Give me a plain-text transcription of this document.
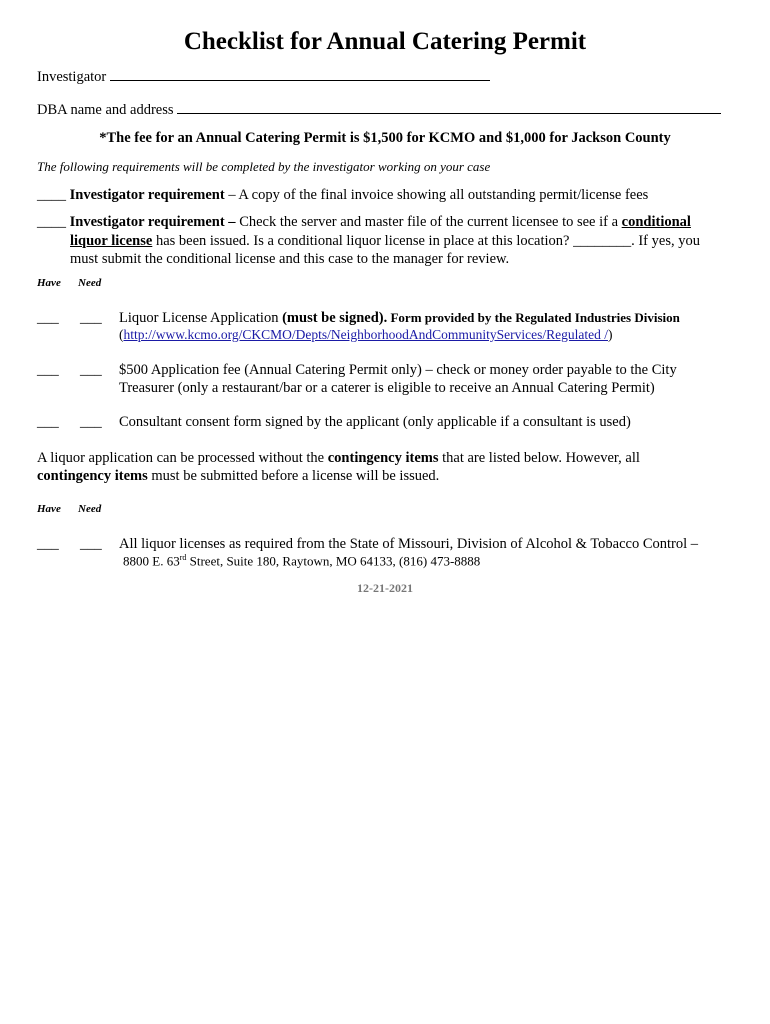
Checklist for Annual Catering Permit
Investigator
DBA name and address
*The fee for an Annual Catering Permit is $1,500 for KCMO and $1,000 for Jackson County
The following requirements will be completed by the investigator working on your case
____ Investigator requirement – A copy of the final invoice showing all outstanding permit/license fees
____ Investigator requirement – Check the server and master file of the current licensee to see if a conditional
liquor license has been issued. Is a conditional liquor license in place at this location? ________. If yes, you
must submit the conditional license and this case to the manager for review.
Have Need
___ ___ Liquor License Application (must be signed). Form provided by the Regulated Industries Division
(http://www.kcmo.org/CKCMO/Depts/NeighborhoodAndCommunityServices/Regulated /)
___ ___ $500 Application fee (Annual Catering Permit only) – check or money order payable to the City
Treasurer (only a restaurant/bar or a caterer is eligible to receive an Annual Catering Permit)
___ ___ Consultant consent form signed by the applicant (only applicable if a consultant is used)
A liquor application can be processed without the contingency items that are listed below. However, all
contingency items must be submitted before a license will be issued.
Have Need
___ ___ All liquor licenses as required from the State of Missouri, Division of Alcohol & Tobacco Control –
8800 E. 63rd Street, Suite 180, Raytown, MO 64133, (816) 473-8888
12-21-2021
